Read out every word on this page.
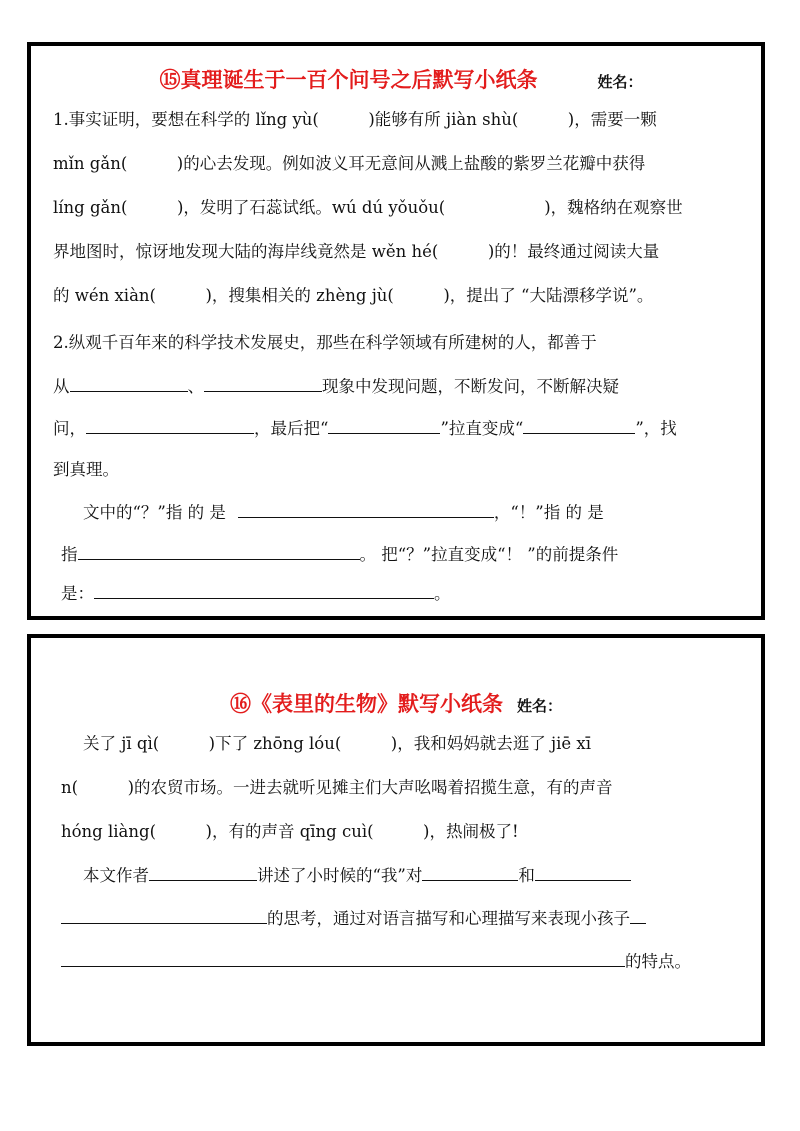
⑮真理诞生于一百个问号之后默写小纸条	姓名：
1.事实证明，要想在科学的 lǐng yù(　　　)能够有所 jiàn shù(　　　)，需要一颗
mǐn gǎn(　　　)的心去发现。例如波义耳无意间从溅上盐酸的紫罗兰花瓣中获得
líng gǎn(　　　)，发明了石蕊试纸。wú dú yǒuǒu(　　　　　　)，魏格纳在观察世
界地图时，惊讶地发现大陆的海岸线竟然是 wěn hé(　　　)的！最终通过阅读大量
的 wén xiàn(　　　)，搜集相关的 zhèng jù(　　　)，提出了 “大陆漂移学说”。
2.纵观千百年来的科学技术发展史，那些在科学领域有所建树的人，都善于
从	、	现象中发现问题，不断发问，不断解决疑
问，	，最后把“	”拉直变成“	”，找
到真理。
文中的“？”指 的 是	，“！”指 的 是
指	。 把“？”拉直变成“！ ”的前提条件
是：	。
⑯《表里的生物》默写小纸条 姓名：
关了 jī qì(　　　)下了 zhōng lóu(　　　)，我和妈妈就去逛了 jiē xī
n(　　　)的农贸市场。一进去就听见摊主们大声吆喝着招揽生意，有的声音
hóng liàng(　　　)，有的声音 qīng cuì(　　　)，热闹极了!
本文作者	讲述了小时候的“我”对	和
的思考，通过对语言描写和心理描写来表现小孩子
的特点。
